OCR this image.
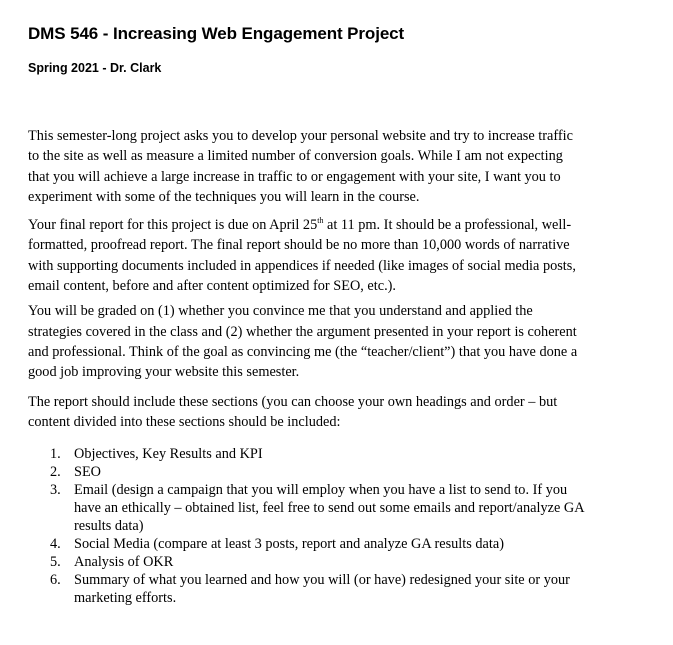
DMS 546 - Increasing Web Engagement Project
Spring 2021 - Dr. Clark

This semester-long project asks you to develop your personal website and try to increase traffic
to the site as well as measure a limited number of conversion goals. While I am not expecting
that you will achieve a large increase in traffic to or engagement with your site, I want you to
experiment with some of the techniques you will learn in the course.

Your final report for this project is due on April 25th at 11 pm. It should be a professional, well-
formatted, proofread report. The final report should be no more than 10,000 words of narrative
with supporting documents included in appendices if needed (like images of social media posts,
email content, before and after content optimized for SEO, etc.).

You will be graded on (1) whether you convince me that you understand and applied the
strategies covered in the class and (2) whether the argument presented in your report is coherent
and professional. Think of the goal as convincing me (the “teacher/client”) that you have done a
good job improving your website this semester.

The report should include these sections (you can choose your own headings and order – but
content divided into these sections should be included:

1. Objectives, Key Results and KPI
2. SEO
3. Email (design a campaign that you will employ when you have a list to send to. If you
have an ethically – obtained list, feel free to send out some emails and report/analyze GA
results data)
4. Social Media (compare at least 3 posts, report and analyze GA results data)
5. Analysis of OKR
6. Summary of what you learned and how you will (or have) redesigned your site or your
marketing efforts.
